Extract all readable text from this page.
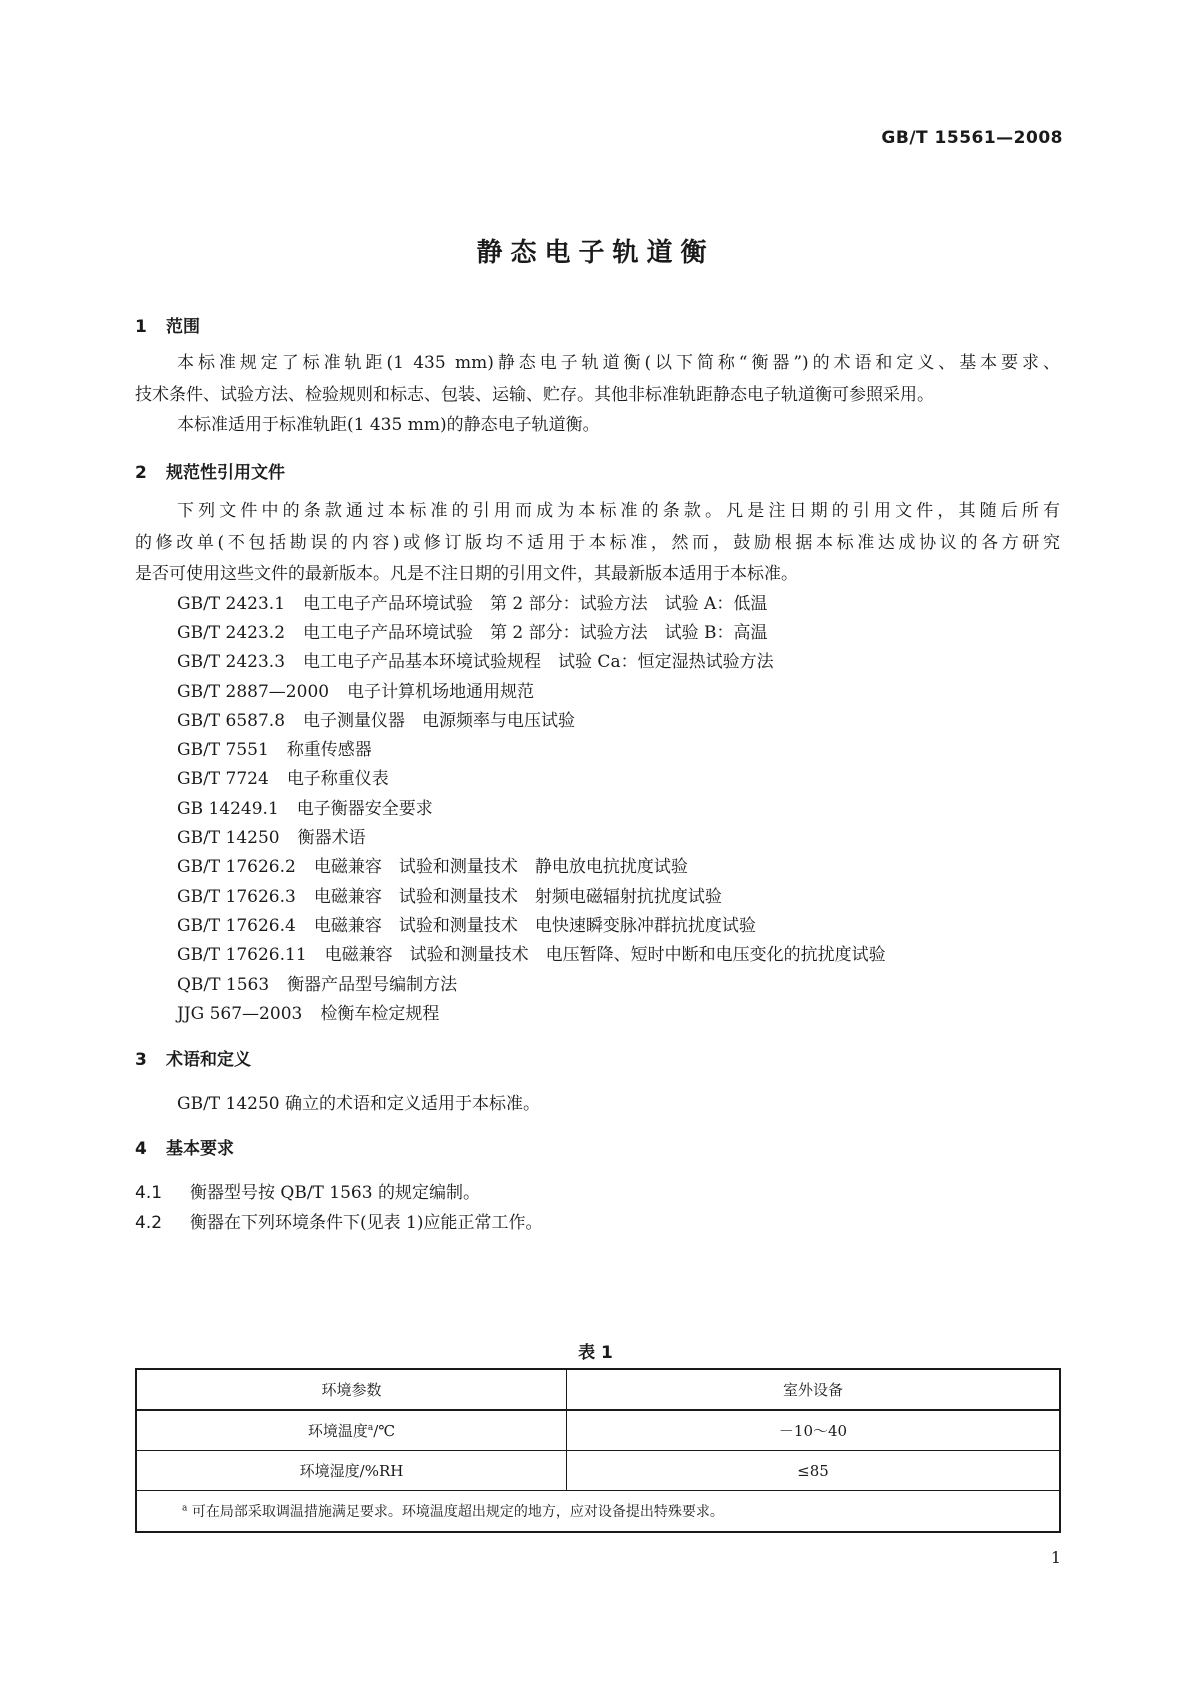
GB/T 15561—2008
静态电子轨道衡
1 范围
本标准规定了标准轨距(1 435 mm)静态电子轨道衡(以下简称“衡器”)的术语和定义、基本要求、
技术条件、试验方法、检验规则和标志、包装、运输、贮存。其他非标准轨距静态电子轨道衡可参照采用。
本标准适用于标准轨距(1 435 mm)的静态电子轨道衡。
2 规范性引用文件
下列文件中的条款通过本标准的引用而成为本标准的条款。凡是注日期的引用文件，其随后所有
的修改单(不包括勘误的内容)或修订版均不适用于本标准，然而，鼓励根据本标准达成协议的各方研究
是否可使用这些文件的最新版本。凡是不注日期的引用文件，其最新版本适用于本标准。
GB/T 2423.1 电工电子产品环境试验　第 2 部分：试验方法　试验 A：低温
GB/T 2423.2 电工电子产品环境试验　第 2 部分：试验方法　试验 B：高温
GB/T 2423.3 电工电子产品基本环境试验规程　试验 Ca：恒定湿热试验方法
GB/T 2887—2000 电子计算机场地通用规范
GB/T 6587.8 电子测量仪器　电源频率与电压试验
GB/T 7551 称重传感器
GB/T 7724 电子称重仪表
GB 14249.1 电子衡器安全要求
GB/T 14250 衡器术语
GB/T 17626.2 电磁兼容　试验和测量技术　静电放电抗扰度试验
GB/T 17626.3 电磁兼容　试验和测量技术　射频电磁辐射抗扰度试验
GB/T 17626.4 电磁兼容　试验和测量技术　电快速瞬变脉冲群抗扰度试验
GB/T 17626.11 电磁兼容　试验和测量技术　电压暂降、短时中断和电压变化的抗扰度试验
QB/T 1563 衡器产品型号编制方法
JJG 567—2003 检衡车检定规程
3 术语和定义
GB/T 14250 确立的术语和定义适用于本标准。
4 基本要求
4.1 衡器型号按 QB/T 1563 的规定编制。
4.2 衡器在下列环境条件下(见表 1)应能正常工作。
表 1
环境参数	室外设备
环境温度$^a$/℃	－10～40
环境湿度/%RH	≤85
$^a$ 可在局部采取调温措施满足要求。环境温度超出规定的地方，应对设备提出特殊要求。	
1
